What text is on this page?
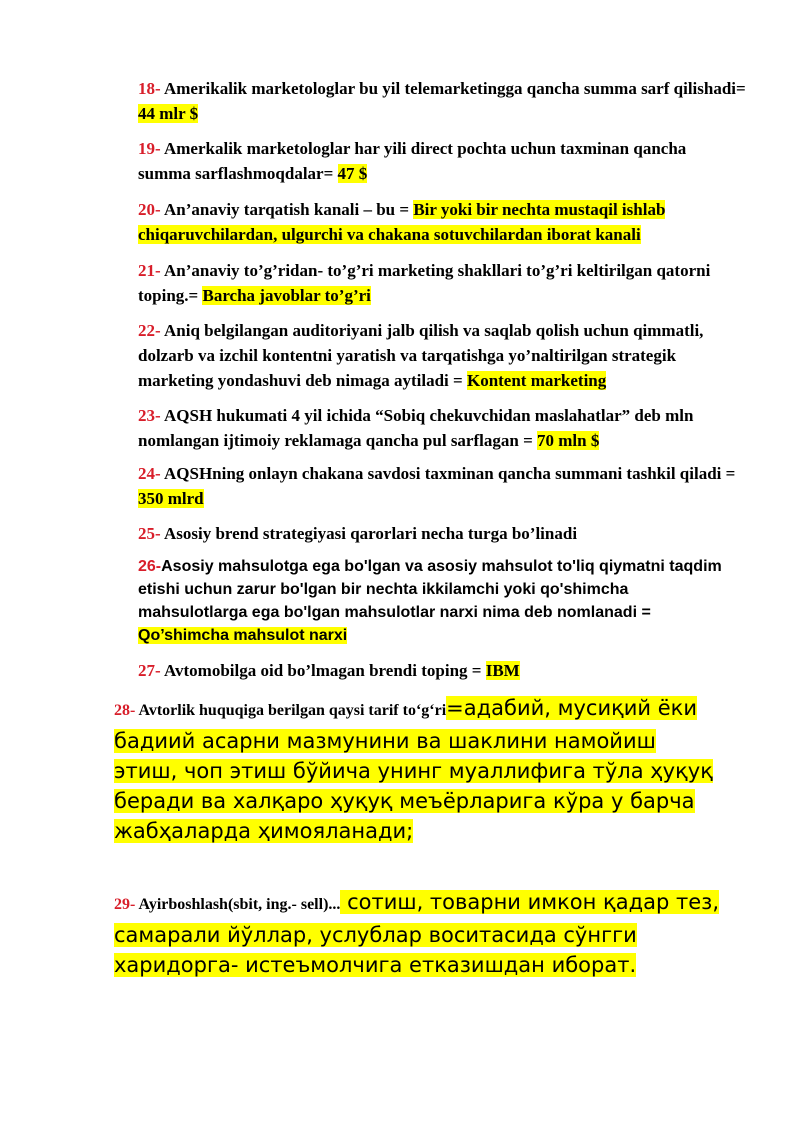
18- Amerikalik marketologlar bu yil telemarketingga qancha summa sarf qilishadi= 44 mlr $

19- Amerkalik marketologlar har yili direct pochta uchun taxminan qancha summa sarflashmoqdalar= 47 $

20- An’anaviy tarqatish kanali – bu = Bir yoki bir nechta mustaqil ishlab chiqaruvchilardan, ulgurchi va chakana sotuvchilardan iborat kanali

21- An’anaviy to’g’ridan- to’g’ri marketing shakllari to’g’ri keltirilgan qatorni toping.= Barcha javoblar to’g’ri

22- Aniq belgilangan auditoriyani jalb qilish va saqlab qolish uchun qimmatli, dolzarb va izchil kontentni yaratish va tarqatishga yo’naltirilgan strategik marketing yondashuvi deb nimaga aytiladi = Kontent marketing

23- AQSH hukumati 4 yil ichida “Sobiq chekuvchidan maslahatlar” deb mln nomlangan ijtimoiy reklamaga qancha pul sarflagan = 70 mln $

24- AQSHning onlayn chakana savdosi taxminan qancha summani tashkil qiladi = 350 mlrd

25- Asosiy brend strategiyasi qarorlari necha turga bo’linadi

26-Asosiy mahsulotga ega bo'lgan va asosiy mahsulot to'liq qiymatni taqdim etishi uchun zarur bo'lgan bir nechta ikkilamchi yoki qo'shimcha mahsulotlarga ega bo'lgan mahsulotlar narxi nima deb nomlanadi = Qo’shimcha mahsulot narxi

27- Avtomobilga oid bo’lmagan brendi toping = IBM

28- Avtorlik huquqiga berilgan qaysi tarif to‘g‘ri=адабий, мусиқий ёки бадиий асарни мазмунини ва шаклини намойиш этиш, чоп этиш бўйича унинг муаллифига тўла ҳуқуқ беради ва халқаро ҳуқуқ меъёрларига кўра у барча жабҳаларда ҳимояланади;

29- Ayirboshlash(sbit, ing.- sell)... сотиш, товарни имкон қадар тез, самарали йўллар, услублар воситасида сўнгги харидорга- истеъмолчига етказишдан иборат.
